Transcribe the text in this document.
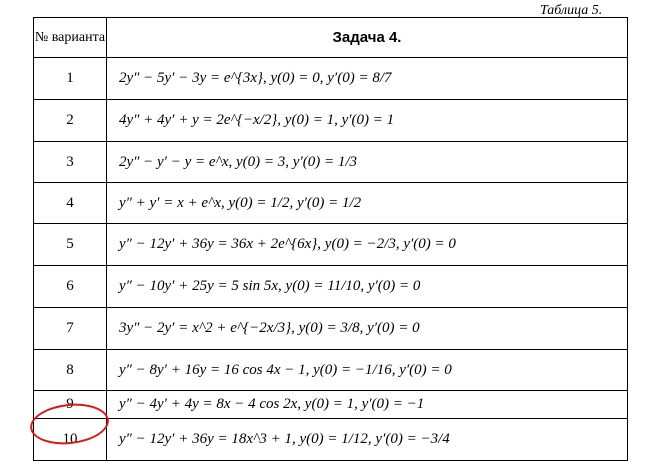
Таблица 5.
№ варианта	Задача 4.
1	2y″ − 5y′ − 3y = e^{3x}, y(0) = 0, y′(0) = 8/7
2	4y″ + 4y′ + y = 2e^{−x/2}, y(0) = 1, y′(0) = 1
3	2y″ − y′ − y = e^x, y(0) = 3, y′(0) = 1/3
4	y″ + y′ = x + e^x, y(0) = 1/2, y′(0) = 1/2
5	y″ − 12y′ + 36y = 36x + 2e^{6x}, y(0) = −2/3, y′(0) = 0
6	y″ − 10y′ + 25y = 5 sin 5x, y(0) = 11/10, y′(0) = 0
7	3y″ − 2y′ = x^2 + e^{−2x/3}, y(0) = 3/8, y′(0) = 0
8	y″ − 8y′ + 16y = 16 cos 4x − 1, y(0) = −1/16, y′(0) = 0
9	y″ − 4y′ + 4y = 8x − 4 cos 2x, y(0) = 1, y′(0) = −1
10	y″ − 12y′ + 36y = 18x^3 + 1, y(0) = 1/12, y′(0) = −3/4
